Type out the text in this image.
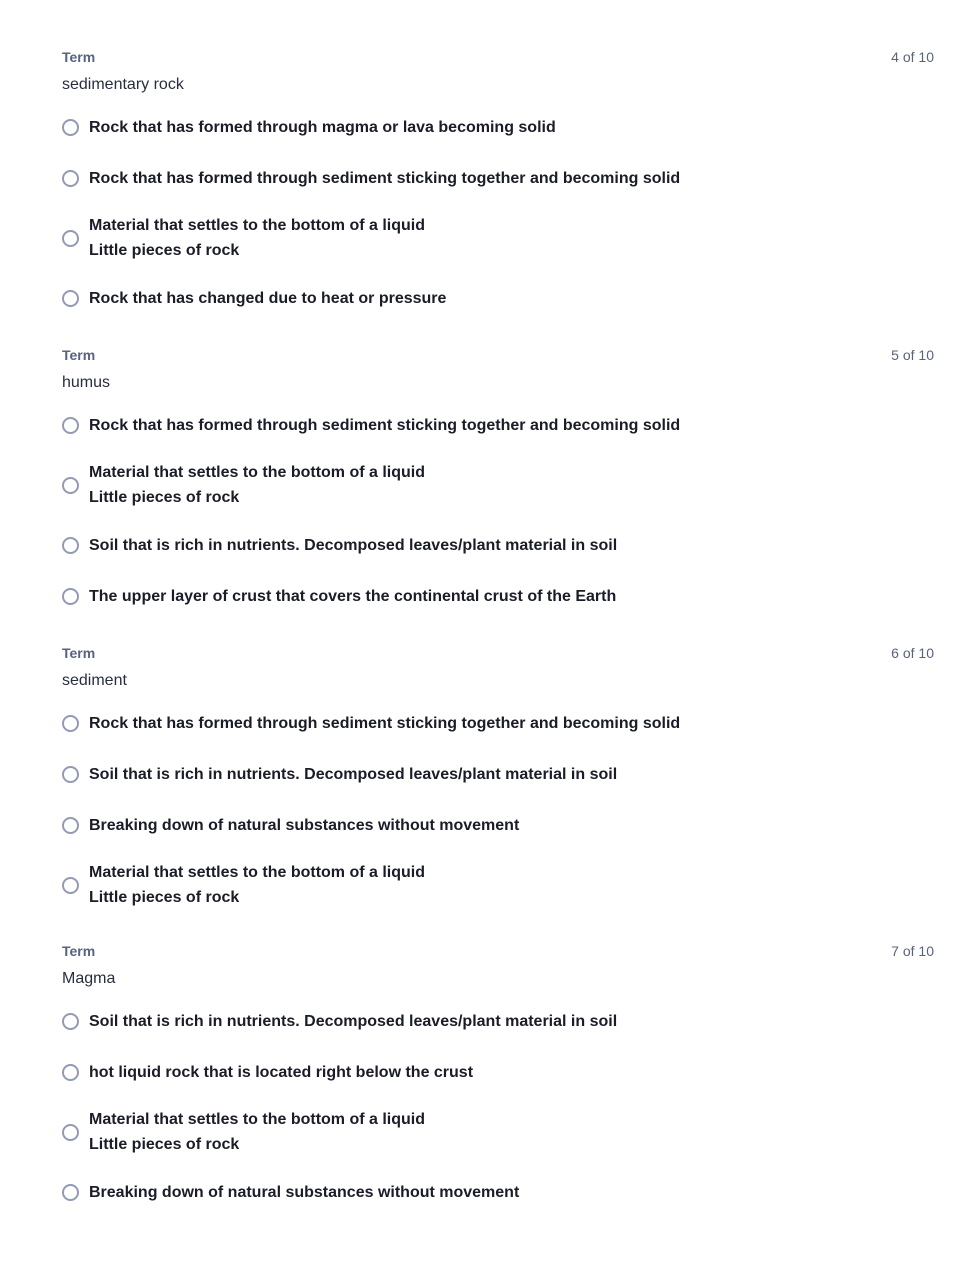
Term	4 of 10
sedimentary rock
Rock that has formed through magma or lava becoming solid
Rock that has formed through sediment sticking together and becoming solid
Material that settles to the bottom of a liquid
Little pieces of rock
Rock that has changed due to heat or pressure
Term	5 of 10
humus
Rock that has formed through sediment sticking together and becoming solid
Material that settles to the bottom of a liquid
Little pieces of rock
Soil that is rich in nutrients. Decomposed leaves/plant material in soil
The upper layer of crust that covers the continental crust of the Earth
Term	6 of 10
sediment
Rock that has formed through sediment sticking together and becoming solid
Soil that is rich in nutrients. Decomposed leaves/plant material in soil
Breaking down of natural substances without movement
Material that settles to the bottom of a liquid
Little pieces of rock
Term	7 of 10
Magma
Soil that is rich in nutrients. Decomposed leaves/plant material in soil
hot liquid rock that is located right below the crust
Material that settles to the bottom of a liquid
Little pieces of rock
Breaking down of natural substances without movement
